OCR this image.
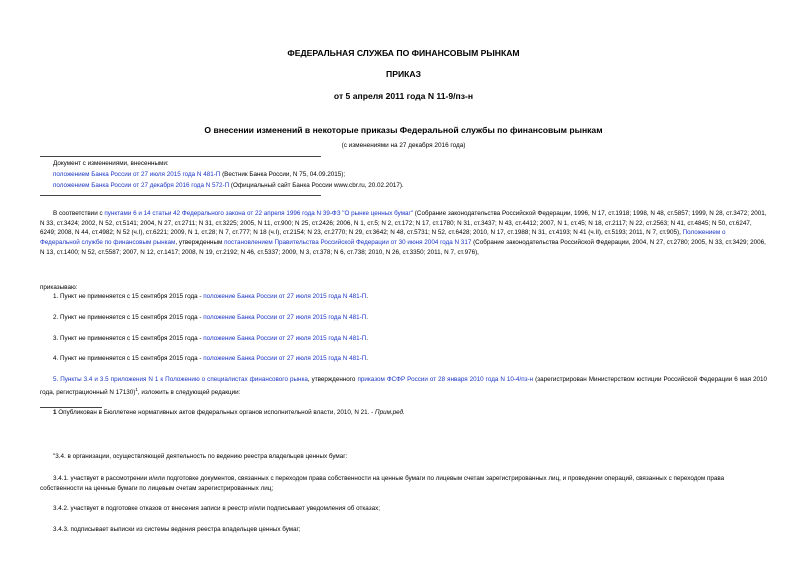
ФЕДЕРАЛЬНАЯ СЛУЖБА ПО ФИНАНСОВЫМ РЫНКАМ
ПРИКАЗ
от 5 апреля 2011 года N 11-9/пз-н
О внесении изменений в некоторые приказы Федеральной службы по финансовым рынкам
(с изменениями на 27 декабря 2016 года)
Документ с изменениями, внесенными:
положением Банка России от 27 июля 2015 года N 481-П (Вестник Банка России, N 75, 04.09.2015);
положением Банка России от 27 декабря 2016 года N 572-П (Официальный сайт Банка России www.cbr.ru, 20.02.2017).
В соответствии с пунктами 6 и 14 статьи 42 Федерального закона от 22 апреля 1996 года N 39-ФЗ "О рынке ценных бумаг" (Собрание законодательства Российской Федерации, 1996, N 17, ст.1918; 1998, N 48, ст.5857; 1999, N 28, ст.3472; 2001, N 33, ст.3424; 2002, N 52, ст.5141; 2004, N 27, ст.2711; N 31, ст.3225; 2005, N 11, ст.900; N 25, ст.2426; 2006, N 1, ст.5; N 2, ст.172; N 17, ст.1780; N 31, ст.3437; N 43, ст.4412; 2007, N 1, ст.45; N 18, ст.2117; N 22, ст.2563; N 41, ст.4845; N 50, ст.6247, 6249; 2008, N 44, ст.4982; N 52 (ч.I), ст.6221; 2009, N 1, ст.28; N 7, ст.777; N 18 (ч.I), ст.2154; N 23, ст.2770; N 29, ст.3642; N 48, ст.5731; N 52, ст.6428; 2010, N 17, ст.1988; N 31, ст.4193; N 41 (ч.II), ст.5193; 2011, N 7, ст.905), Положением о Федеральной службе по финансовым рынкам, утвержденным постановлением Правительства Российской Федерации от 30 июня 2004 года N 317 (Собрание законодательства Российской Федерации, 2004, N 27, ст.2780; 2005, N 33, ст.3429; 2006, N 13, ст.1400; N 52, ст.5587; 2007, N 12, ст.1417; 2008, N 19, ст.2192; N 46, ст.5337; 2009, N 3, ст.378; N 6, ст.738; 2010, N 26, ст.3350; 2011, N 7, ст.976),
приказываю:
1. Пункт не применяется с 15 сентября 2015 года - положение Банка России от 27 июля 2015 года N 481-П.
2. Пункт не применяется с 15 сентября 2015 года - положение Банка России от 27 июля 2015 года N 481-П.
3. Пункт не применяется с 15 сентября 2015 года - положение Банка России от 27 июля 2015 года N 481-П.
4. Пункт не применяется с 15 сентября 2015 года - положение Банка России от 27 июля 2015 года N 481-П.
5. Пункты 3.4 и 3.5 приложения N 1 к Положению о специалистах финансового рынка, утвержденного приказом ФСФР России от 28 января 2010 года N 10-4/пз-н (зарегистрирован Министерством юстиции Российской Федерации 6 мая 2010 года, регистрационный N 17130)$^1$, изложить в следующей редакции:
1 Опубликован в Бюллетене нормативных актов федеральных органов исполнительной власти, 2010, N 21. - Прим.ред.
"3.4. в организации, осуществляющей деятельность по ведению реестра владельцев ценных бумаг:
3.4.1. участвует в рассмотрении и/или подготовке документов, связанных с переходом права собственности на ценные бумаги по лицевым счетам зарегистрированных лиц, и проведении операций, связанных с переходом права собственности на ценные бумаги по лицевым счетам зарегистрированных лиц;
3.4.2. участвует в подготовке отказов от внесения записи в реестр и/или подписывает уведомления об отказах;
3.4.3. подписывает выписки из системы ведения реестра владельцев ценных бумаг;
